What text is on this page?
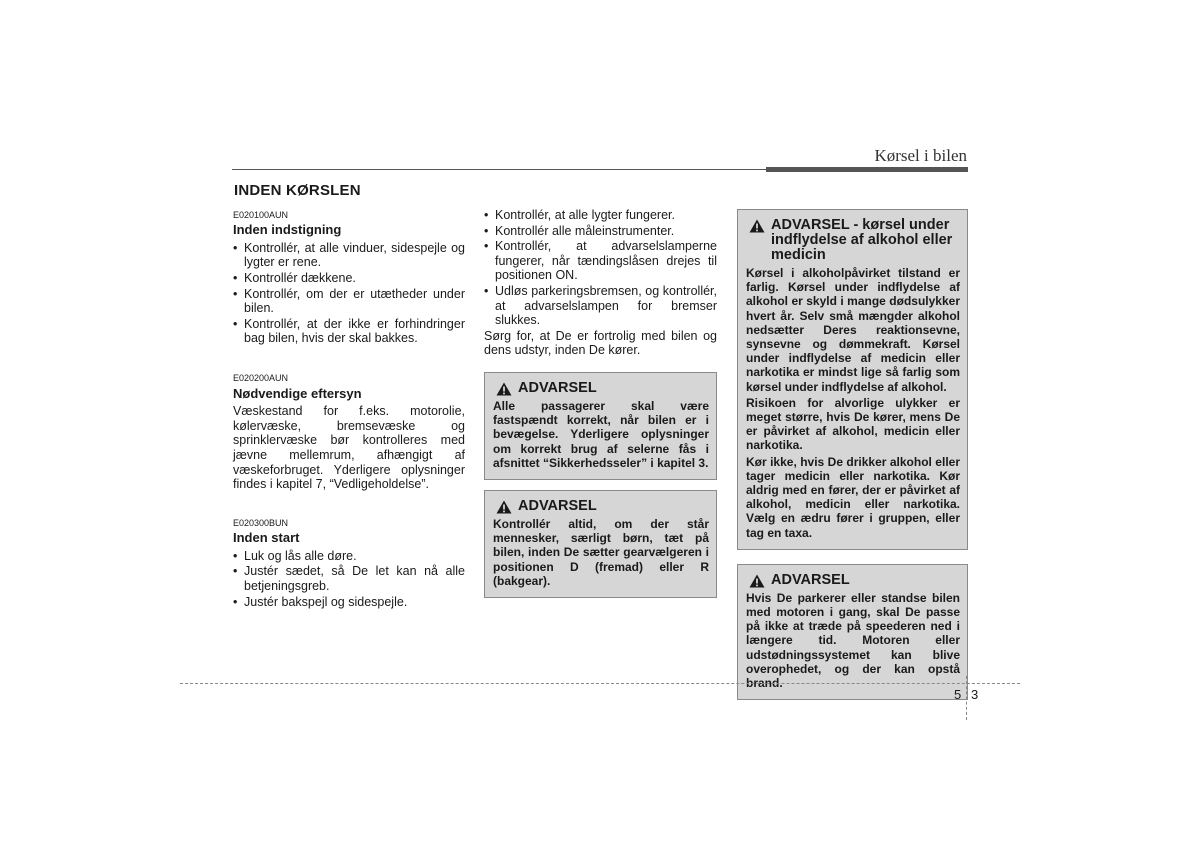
Kørsel i bilen
INDEN KØRSLEN
E020100AUN
Inden indstigning
• Kontrollér, at alle vinduer, sidespejle og lygter er rene.
• Kontrollér dækkene.
• Kontrollér, om der er utætheder under bilen.
• Kontrollér, at der ikke er forhindringer bag bilen, hvis der skal bakkes.
E020200AUN
Nødvendige eftersyn

Væskestand for f.eks. motorolie, kølervæske, bremsevæske og sprinklervæske bør kontrolleres med jævne mellemrum, afhængigt af væskeforbruget. Yderligere oplysninger findes i kapitel 7, “Vedligeholdelse”.

E020300BUN
Inden start
• Luk og lås alle døre.
• Justér sædet, så De let kan nå alle betjeningsgreb.
• Justér bakspejl og sidespejle.
• Kontrollér, at alle lygter fungerer.
• Kontrollér alle måleinstrumenter.
• Kontrollér, at advarselslamperne fungerer, når tændingslåsen drejes til positionen ON.
• Udløs parkeringsbremsen, og kontrollér, at advarselslampen for bremser slukkes.

Sørg for, at De er fortrolig med bilen og dens udstyr, inden De kører.

ADVARSEL

Alle passagerer skal være fastspændt korrekt, når bilen er i bevægelse. Yderligere oplysninger om korrekt brug af selerne fås i afsnittet “Sikkerhedsseler” i kapitel 3.

ADVARSEL

Kontrollér altid, om der står mennesker, særligt børn, tæt på bilen, inden De sætter gearvælgeren i positionen D (fremad) eller R (bakgear).

ADVARSEL - kørsel under indflydelse af alkohol eller medicin

Kørsel i alkoholpåvirket tilstand er farlig. Kørsel under indflydelse af alkohol er skyld i mange dødsulykker hvert år. Selv små mængder alkohol nedsætter Deres reaktionsevne, synsevne og dømmekraft. Kørsel under indflydelse af medicin eller narkotika er mindst lige så farlig som kørsel under indflydelse af alkohol.

Risikoen for alvorlige ulykker er meget større, hvis De kører, mens De er påvirket af alkohol, medicin eller narkotika.

Kør ikke, hvis De drikker alkohol eller tager medicin eller narkotika. Kør aldrig med en fører, der er påvirket af alkohol, medicin eller narkotika. Vælg en ædru fører i gruppen, eller tag en taxa.

ADVARSEL

Hvis De parkerer eller standse bilen med motoren i gang, skal De passe på ikke at træde på speederen ned i længere tid. Motoren eller udstødningssystemet kan blive overophedet, og der kan opstå brand.

5 3
